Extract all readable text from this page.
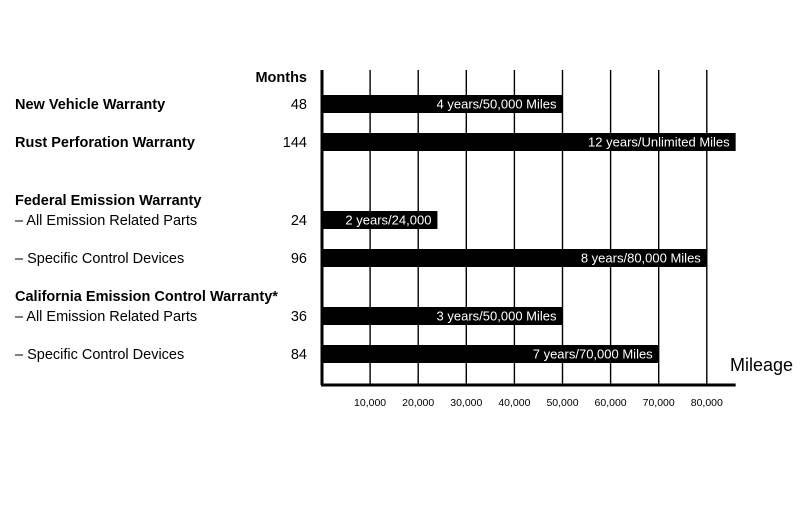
4 years/50,000 Miles
12 years/Unlimited Miles
2 years/24,000
8 years/80,000 Miles
3 years/50,000 Miles
7 years/70,000 Miles
New Vehicle Warranty	48
Rust Perforation Warranty	144
Federal Emission Warranty
– All Emission Related Parts	24
– Specific Control Devices	96
California Emission Control Warranty*
– All Emission Related Parts	36
– Specific Control Devices	84
10,000 20,000 30,000 40,000 50,000 60,000 70,000 80,000
Months
Mileage
